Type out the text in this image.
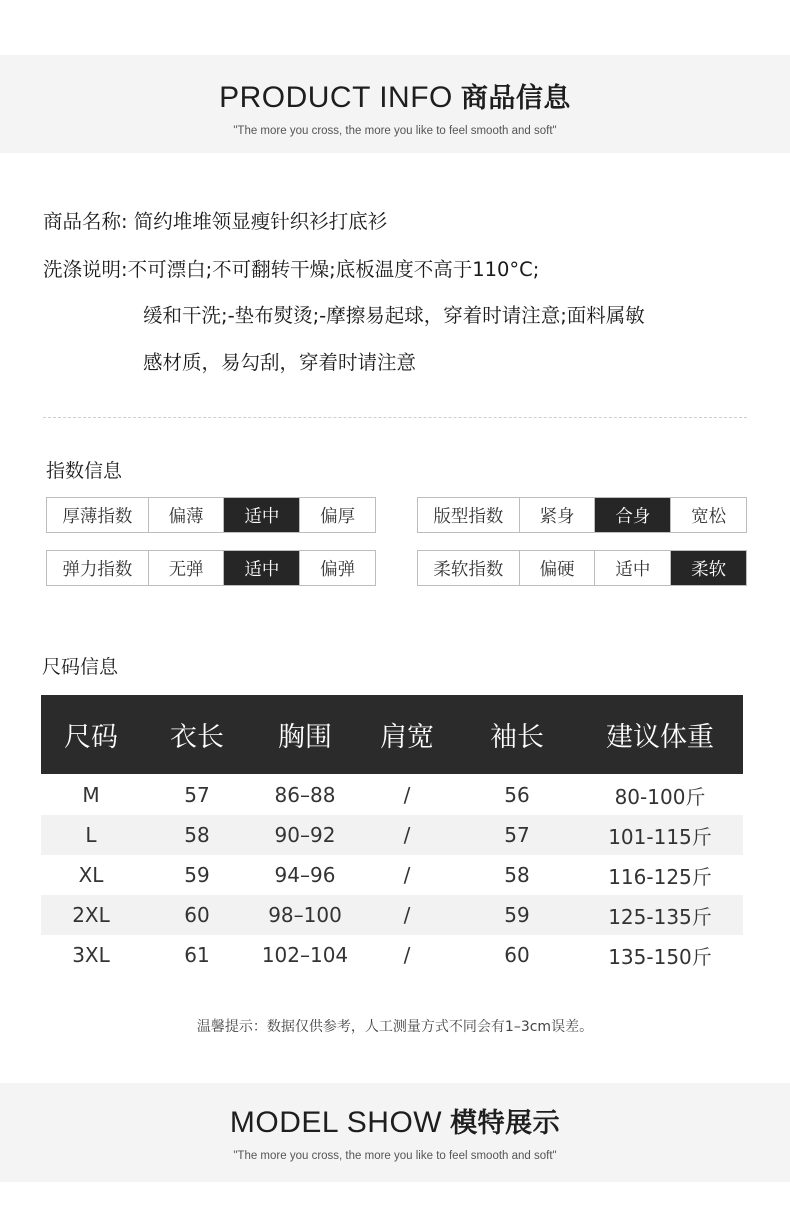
PRODUCT INFO 商品信息
"The more you cross, the more you like to feel smooth and soft"
商品名称: 简约堆堆领显瘦针织衫打底衫
洗涤说明:不可漂白;不可翻转干燥;底板温度不高于110°C;
缓和干洗;-垫布熨烫;-摩擦易起球，穿着时请注意;面料属敏
感材质，易勾刮，穿着时请注意
指数信息
厚薄指数	偏薄	适中	偏厚	版型指数	紧身	合身	宽松
弹力指数	无弹	适中	偏弹	柔软指数	偏硬	适中	柔软
尺码信息
尺码	衣长	胸围	肩宽	袖长	建议体重
M	57	86–88	/	56	80-100斤
L	58	90–92	/	57	101-115斤
XL	59	94–96	/	58	116-125斤
2XL	60	98–100	/	59	125-135斤
3XL	61	102–104	/	60	135-150斤
温馨提示：数据仅供参考，人工测量方式不同会有1–3cm误差。
MODEL SHOW 模特展示
"The more you cross, the more you like to feel smooth and soft"
